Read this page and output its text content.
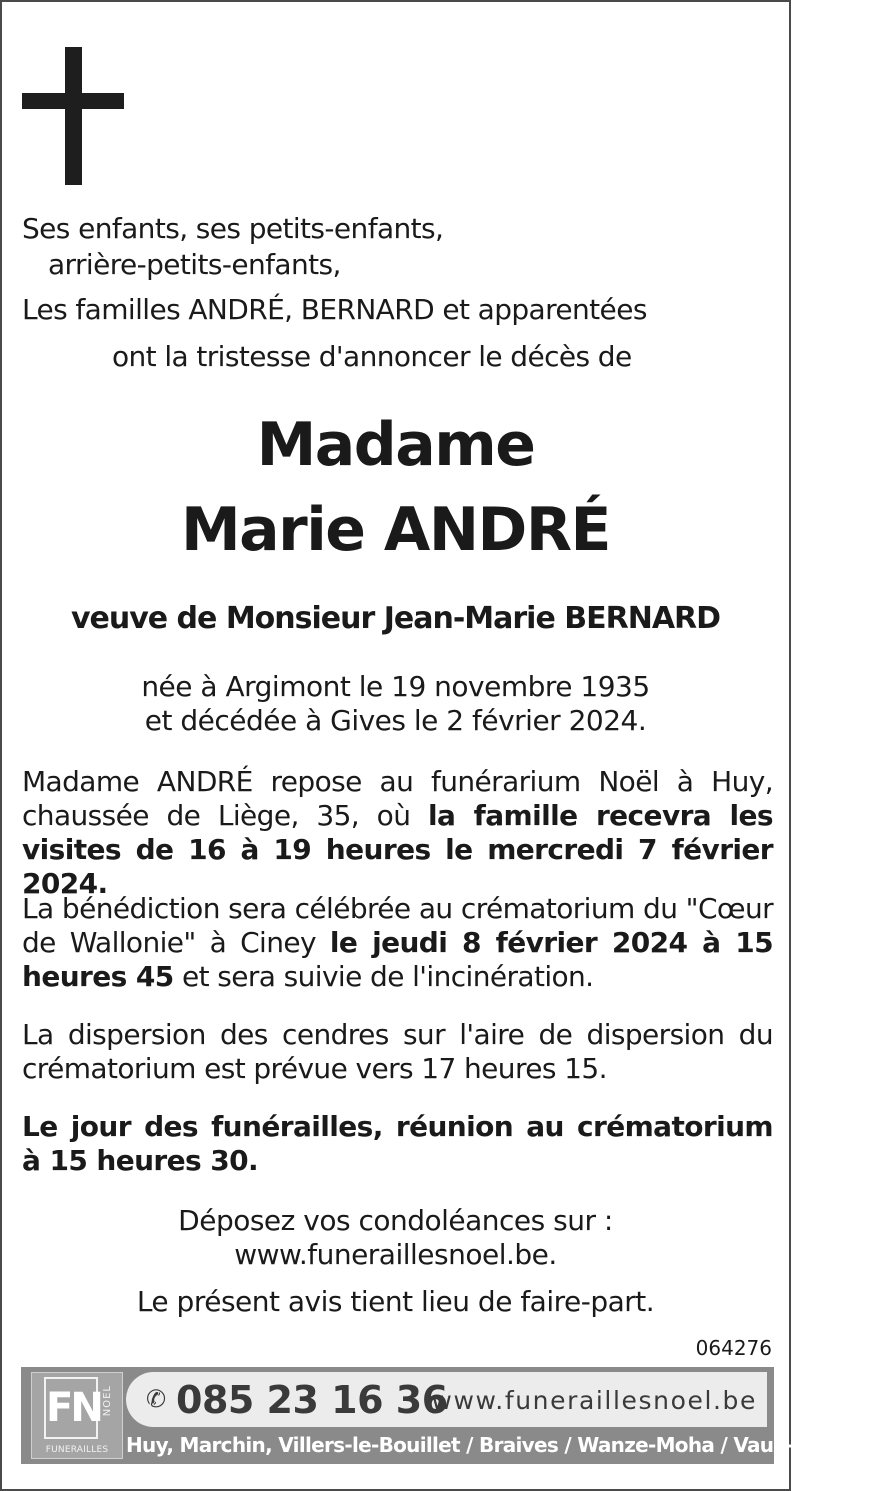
Ses enfants, ses petits-enfants,
arrière-petits-enfants,
Les familles ANDRÉ, BERNARD et apparentées
ont la tristesse d'annoncer le décès de
Madame
Marie ANDRÉ
veuve de Monsieur Jean-Marie BERNARD
née à Argimont le 19 novembre 1935
et décédée à Gives le 2 février 2024.
Madame ANDRÉ repose au funérarium Noël à Huy, chaussée de Liège, 35, où la famille recevra les visites de 16 à 19 heures le mercredi 7 février 2024.
La bénédiction sera célébrée au crématorium du "Cœur de Wallonie" à Ciney le jeudi 8 février 2024 à 15 heures 45 et sera suivie de l'incinération.
La dispersion des cendres sur l'aire de dispersion du crématorium est prévue vers 17 heures 15.
Le jour des funérailles, réunion au crématorium à 15 heures 30.
Déposez vos condoléances sur :
www.funeraillesnoel.be.
Le présent avis tient lieu de faire-part.
064276
FN NOEL
FUNERAILLES
✆ 085 23 16 36
www.funeraillesnoel.be
Huy, Marchin, Villers-le-Bouillet / Braives / Wanze-Moha / Vaux-et-Borset
